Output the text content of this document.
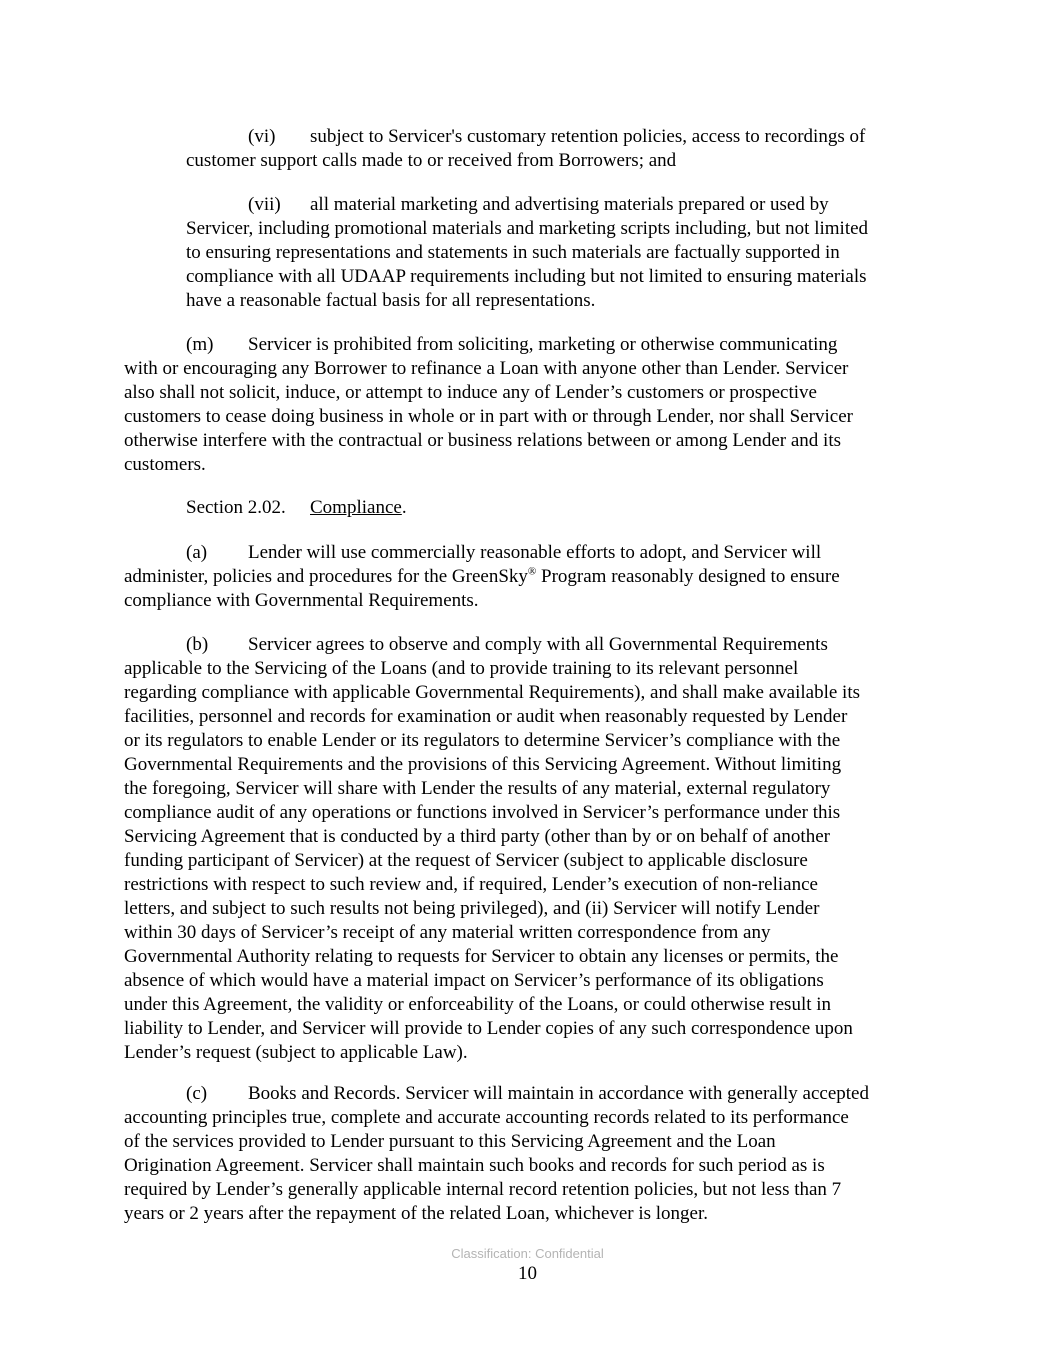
(vi) subject to Servicer's customary retention policies, access to recordings of
customer support calls made to or received from Borrowers; and
(vii) all material marketing and advertising materials prepared or used by
Servicer, including promotional materials and marketing scripts including, but not limited
to ensuring representations and statements in such materials are factually supported in
compliance with all UDAAP requirements including but not limited to ensuring materials
have a reasonable factual basis for all representations.
(m) Servicer is prohibited from soliciting, marketing or otherwise communicating
with or encouraging any Borrower to refinance a Loan with anyone other than Lender. Servicer
also shall not solicit, induce, or attempt to induce any of Lender’s customers or prospective
customers to cease doing business in whole or in part with or through Lender, nor shall Servicer
otherwise interfere with the contractual or business relations between or among Lender and its
customers.
Section 2.02. Compliance.
(a) Lender will use commercially reasonable efforts to adopt, and Servicer will
administer, policies and procedures for the GreenSky® Program reasonably designed to ensure
compliance with Governmental Requirements.
(b) Servicer agrees to observe and comply with all Governmental Requirements
applicable to the Servicing of the Loans (and to provide training to its relevant personnel
regarding compliance with applicable Governmental Requirements), and shall make available its
facilities, personnel and records for examination or audit when reasonably requested by Lender
or its regulators to enable Lender or its regulators to determine Servicer’s compliance with the
Governmental Requirements and the provisions of this Servicing Agreement. Without limiting
the foregoing, Servicer will share with Lender the results of any material, external regulatory
compliance audit of any operations or functions involved in Servicer’s performance under this
Servicing Agreement that is conducted by a third party (other than by or on behalf of another
funding participant of Servicer) at the request of Servicer (subject to applicable disclosure
restrictions with respect to such review and, if required, Lender’s execution of non-reliance
letters, and subject to such results not being privileged), and (ii) Servicer will notify Lender
within 30 days of Servicer’s receipt of any material written correspondence from any
Governmental Authority relating to requests for Servicer to obtain any licenses or permits, the
absence of which would have a material impact on Servicer’s performance of its obligations
under this Agreement, the validity or enforceability of the Loans, or could otherwise result in
liability to Lender, and Servicer will provide to Lender copies of any such correspondence upon
Lender’s request (subject to applicable Law).
(c) Books and Records. Servicer will maintain in accordance with generally accepted
accounting principles true, complete and accurate accounting records related to its performance
of the services provided to Lender pursuant to this Servicing Agreement and the Loan
Origination Agreement. Servicer shall maintain such books and records for such period as is
required by Lender’s generally applicable internal record retention policies, but not less than 7
years or 2 years after the repayment of the related Loan, whichever is longer.
Classification: Confidential
10
